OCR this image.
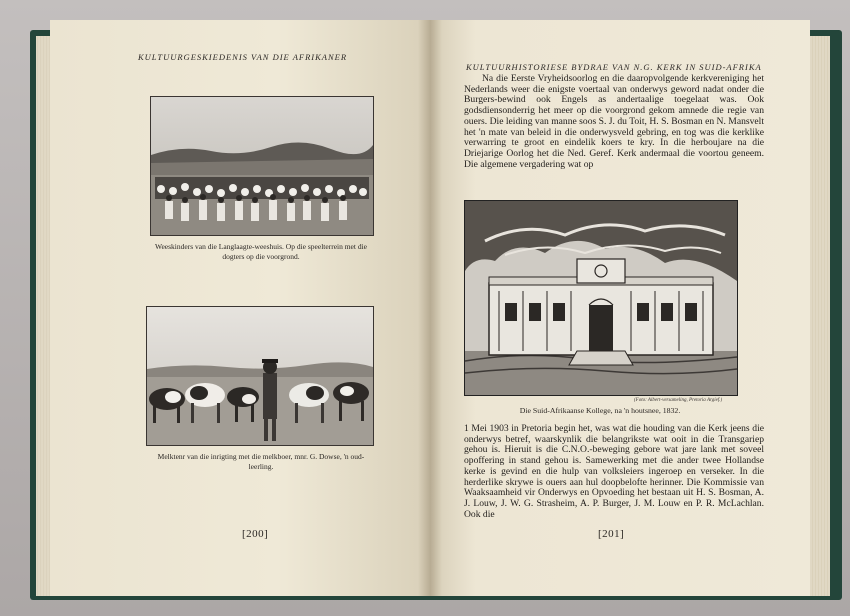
KULTUURGESKIEDENIS VAN DIE AFRIKANER
Weeskinders van die Langlaagte-weeshuis. Op die speelterrein met die dogters op die voorgrond.
Melktenr van die inrigting met die melkboer, mnr. G. Dowse, 'n oud-leerling.
[200]
KULTUURHISTORIESE BYDRAE VAN N.G. KERK IN SUID-AFRIKA

Na die Eerste Vryheidsoorlog en die daaropvolgende kerkvereniging het Nederlands weer die enigste voertaal van onderwys geword nadat onder die Burgers-bewind ook Engels as andertaalige toegelaat was. Ook godsdiensonderrig het meer op die voorgrond gekom amnede die regie van ouers. Die leiding van manne soos S. J. du Toit, H. S. Bosman en N. Mansvelt het 'n mate van beleid in die onderwysveld gebring, en tog was die kerklike verwarring te groot en eindelik koers te kry. In die herboujare na die Driejarige Oorlog het die Ned. Geref. Kerk andermaal die voortou geneem. Die algemene vergadering wat op

(Foto: Albert-versameling, Pretoria Argief.)
Die Suid-Afrikaanse Kollege, na 'n houtsnee, 1832.

1 Mei 1903 in Pretoria begin het, was wat die houding van die Kerk jeens die onderwys betref, waarskynlik die belangrikste wat ooit in die Transgariep gehou is. Hieruit is die C.N.O.-beweging gebore wat jare lank met soveel opoffering in stand gehou is. Samewerking met die ander twee Hollandse kerke is gevind en die hulp van volksleiers ingeroep en verseker. In die herderlike skrywe is ouers aan hul doopbelofte herinner. Die Kommissie van Waaksaamheid vir Onderwys en Opvoeding het bestaan uit H. S. Bosman, A. J. Louw, J. W. G. Strasheim, A. P. Burger, J. M. Louw en P. R. McLachlan. Ook die

[201]
